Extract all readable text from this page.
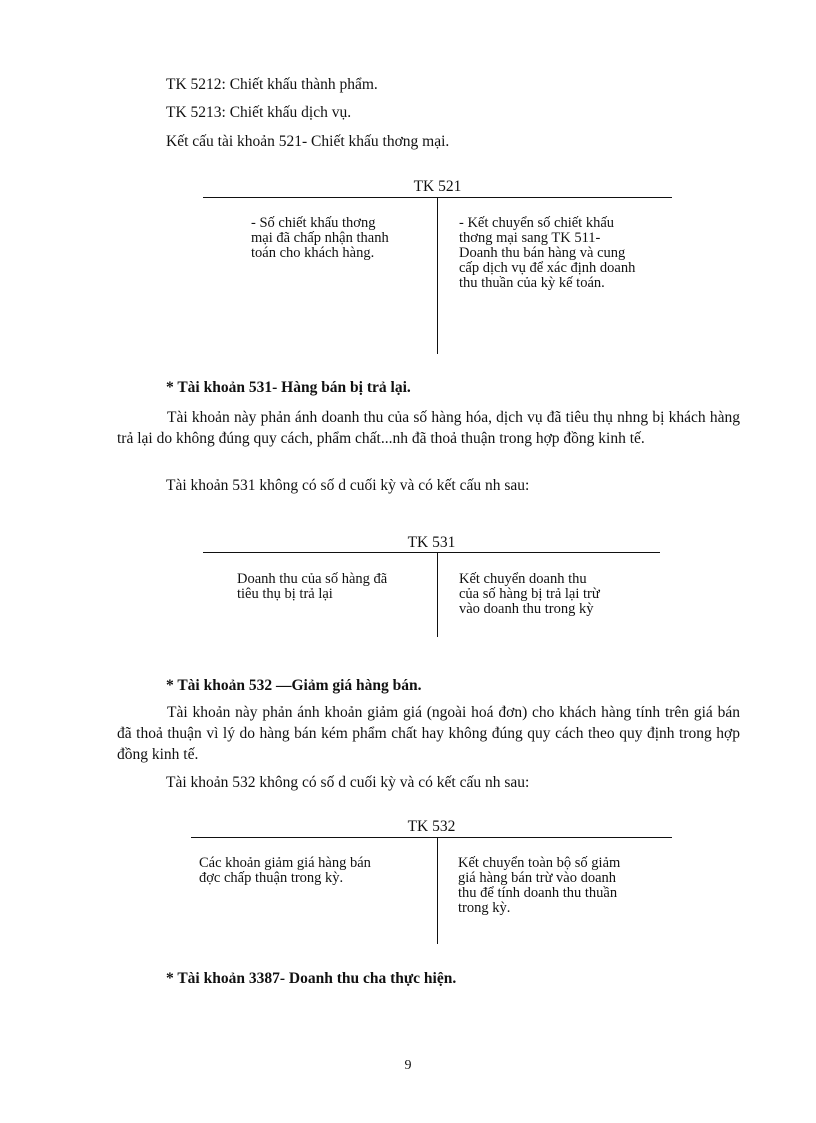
TK 5212: Chiết khấu thành phẩm.
TK 5213: Chiết khấu dịch vụ.
Kết cấu tài khoản 521- Chiết khấu thơng mại.
TK 521
- Số chiết khấu thơng
mại đã chấp nhận thanh
toán cho khách hàng.
- Kết chuyển số chiết khấu
thơng mại sang TK 511-
Doanh thu bán hàng và cung
cấp dịch vụ để xác định doanh
thu thuần của kỳ kế toán.
* Tài khoản 531- Hàng bán bị trả lại.
Tài khoản này phản ánh doanh thu của số hàng hóa, dịch vụ đã tiêu thụ nhng bị khách hàng trả lại do không đúng quy cách, phẩm chất...nh đã thoả thuận trong hợp đồng kinh tế.
Tài khoản 531 không có số d cuối kỳ và có kết cấu nh sau:
TK 531
Doanh thu của số hàng đã
tiêu thụ bị trả lại
Kết chuyển doanh thu
của số hàng bị trả lại trừ
vào doanh thu trong kỳ
* Tài khoản 532 —Giảm giá hàng bán.
Tài khoản này phản ánh khoản giảm giá (ngoài hoá đơn) cho khách hàng tính trên giá bán đã thoả thuận vì lý do hàng bán kém phẩm chất hay không đúng quy cách theo quy định trong hợp đồng kinh tế.
Tài khoản 532 không có số d cuối kỳ và có kết cấu nh sau:
TK 532
Các khoản giảm giá hàng bán
đợc chấp thuận trong kỳ.
Kết chuyển toàn bộ số giảm
giá hàng bán trừ vào doanh
thu để tính doanh thu thuần
trong kỳ.
* Tài khoản 3387- Doanh thu cha thực hiện.
9
